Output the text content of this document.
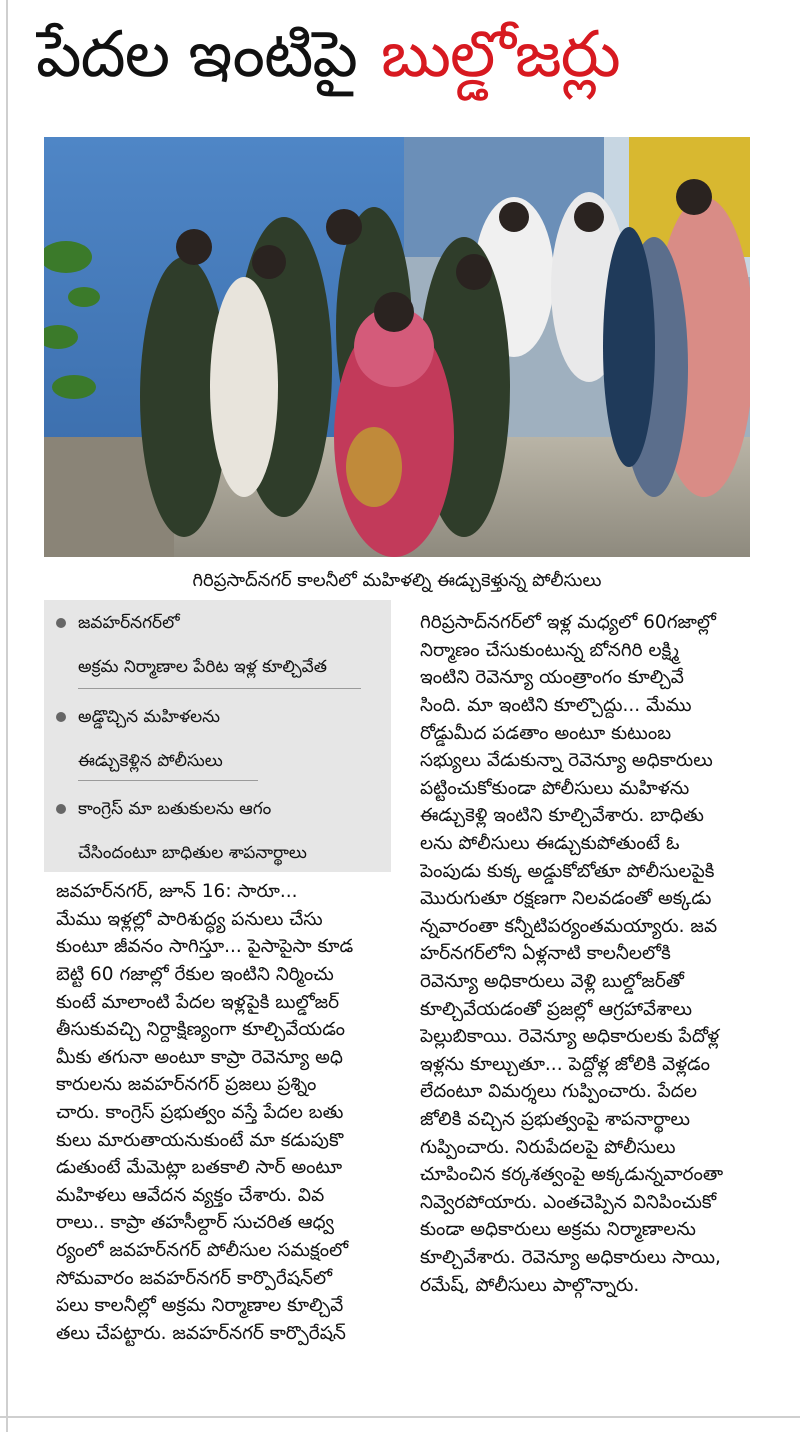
పేదల ఇంటిపై బుల్డోజర్లు
గిరిప్రసాద్‌నగర్ కాలనీలో మహిళల్ని ఈడ్చుకెళ్తున్న పోలీసులు
జవహర్‌నగర్‌లో
అక్రమ నిర్మాణాల పేరిట ఇళ్ల కూల్చివేత
అడ్డొచ్చిన మహిళలను
ఈడ్చుకెళ్లిన పోలీసులు
కాంగ్రెస్ మా బతుకులను ఆగం
చేసిందంటూ బాధితుల శాపనార్థాలు
జవహర్‌నగర్, జూన్ 16: సారూ...
మేము ఇళ్లల్లో పారిశుద్ధ్య పనులు చేసు
కుంటూ జీవనం సాగిస్తూ... పైసాపైసా కూడ
బెట్టి 60 గజాల్లో రేకుల ఇంటిని నిర్మించు
కుంటే మాలాంటి పేదల ఇళ్లపైకి బుల్డోజర్
తీసుకువచ్చి నిర్దాక్షిణ్యంగా కూల్చివేయడం
మీకు తగునా అంటూ కాప్రా రెవెన్యూ అధి
కారులను జవహర్‌నగర్ ప్రజలు ప్రశ్నిం
చారు. కాంగ్రెస్ ప్రభుత్వం వస్తే పేదల బతు
కులు మారుతాయనుకుంటే మా కడుపుకొ
డుతుంటే మేమెట్లా బతకాలి సార్ అంటూ
మహిళలు ఆవేదన వ్యక్తం చేశారు. వివ
రాలు.. కాప్రా తహసీల్దార్ సుచరిత ఆధ్వ
ర్యంలో జవహర్‌నగర్ పోలీసుల సమక్షంలో
సోమవారం జవహర్‌నగర్ కార్పొరేషన్‌లో
పలు కాలనీల్లో అక్రమ నిర్మాణాల కూల్చివే
తలు చేపట్టారు. జవహర్‌నగర్ కార్పొరేషన్
గిరిప్రసాద్‌నగర్‌లో ఇళ్ల మధ్యలో 60గజాల్లో
నిర్మాణం చేసుకుంటున్న బోనగిరి లక్ష్మి
ఇంటిని రెవెన్యూ యంత్రాంగం కూల్చివే
సింది. మా ఇంటిని కూల్చొద్దు... మేము
రోడ్డుమీద పడతాం అంటూ కుటుంబ
సభ్యులు వేడుకున్నా రెవెన్యూ అధికారులు
పట్టించుకోకుండా పోలీసులు మహిళను
ఈడ్చుకెళ్లి ఇంటిని కూల్చివేశారు. బాధితు
లను పోలీసులు ఈడ్చుకుపోతుంటే ఓ
పెంపుడు కుక్క అడ్డుకోబోతూ పోలీసులపైకి
మొరుగుతూ రక్షణగా నిలవడంతో అక్కడు
న్నవారంతా కన్నీటిపర్యంతమయ్యారు. జవ
హర్‌నగర్‌లోని ఏళ్లనాటి కాలనీలలోకి
రెవెన్యూ అధికారులు వెళ్లి బుల్డోజర్‌తో
కూల్చివేయడంతో ప్రజల్లో ఆగ్రహావేశాలు
పెల్లుబికాయి. రెవెన్యూ అధికారులకు పేదోళ్ల
ఇళ్లను కూల్చుతూ... పెద్దోళ్ల జోలికి వెళ్లడం
లేదంటూ విమర్శలు గుప్పించారు. పేదల
జోలికి వచ్చిన ప్రభుత్వంపై శాపనార్థాలు
గుప్పించారు. నిరుపేదలపై పోలీసులు
చూపించిన కర్కశత్వంపై అక్కడున్నవారంతా
నివ్వెరపోయారు. ఎంతచెప్పిన వినిపించుకో
కుండా అధికారులు అక్రమ నిర్మాణాలను
కూల్చివేశారు. రెవెన్యూ అధికారులు సాయి,
రమేష్, పోలీసులు పాల్గొన్నారు.
